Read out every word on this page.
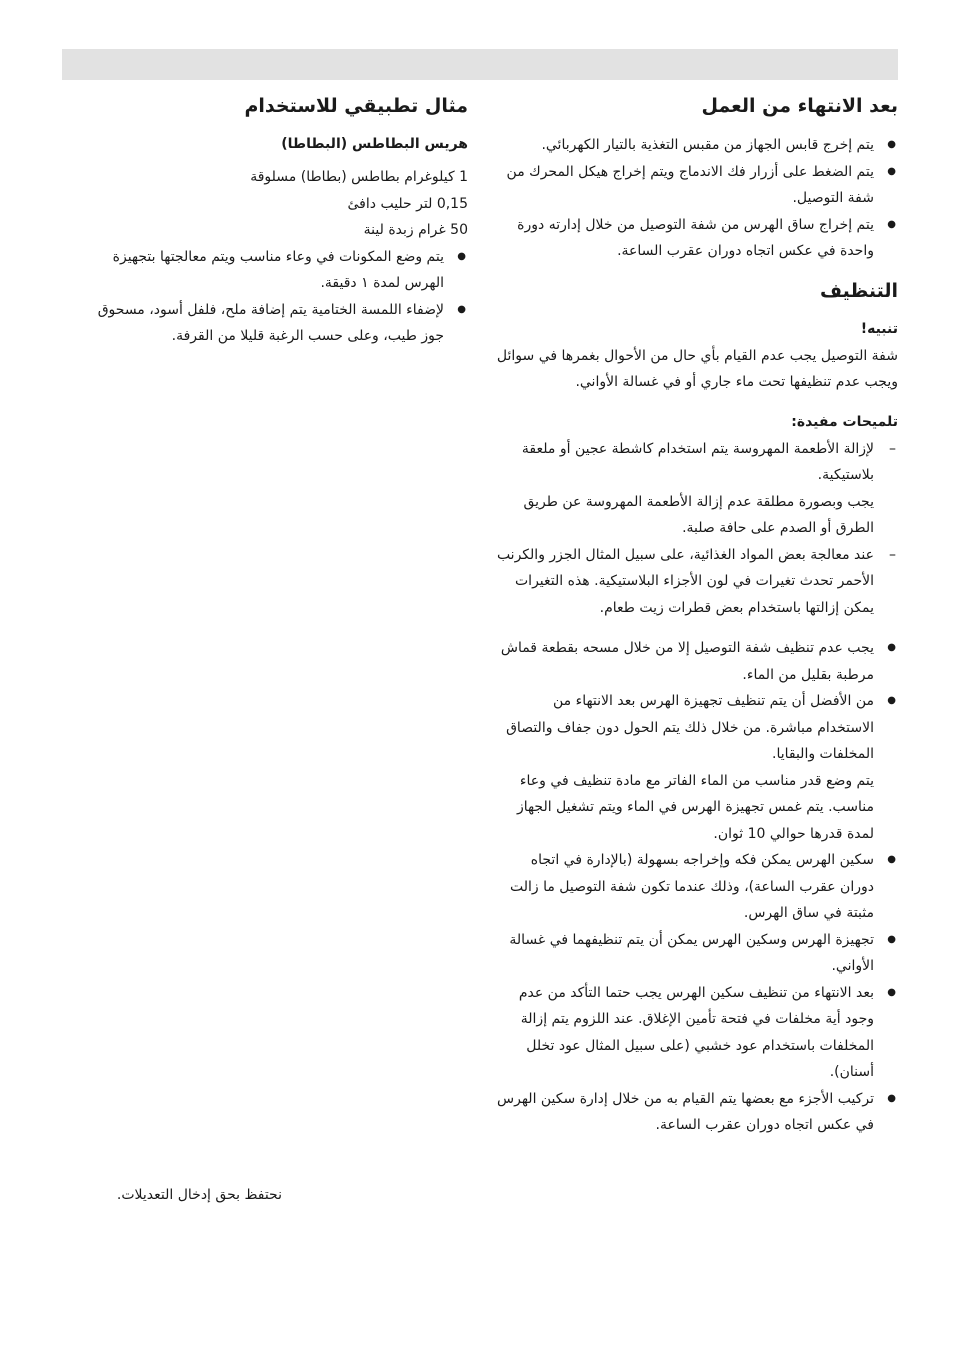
بعد الانتهاء من العمل
● يتم إخرج قابس الجهاز من مقبس التغذية بالتيار الكهربائي.
● يتم الضغط على أزرار فك الاندماج ويتم إخراج هيكل المحرك من شفة التوصيل.
● يتم إخراج ساق الهرس من شفة التوصيل من خلال إدارته دورة واحدة في عكس اتجاه دوران عقرب الساعة.
التنظيف
تنبيه!

شفة التوصيل يجب عدم القيام بأي حال من الأحوال بغمرها في سوائل ويجب عدم تنظيفها تحت ماء جاري أو في غسالة الأواني.

تلميحات مفيدة:
– لإزالة الأطعمة المهروسة يتم استخدام كاشطة عجين أو ملعقة بلاستيكية.
يجب وبصورة مطلقة عدم إزالة الأطعمة المهروسة عن طريق الطرق أو الصدم على حافة صلبة.
– عند معالجة بعض المواد الغذائية، على سبيل المثال الجزر والكرنب الأحمر تحدث تغيرات في لون الأجزاء البلاستيكية. هذه التغيرات يمكن إزالتها باستخدام بعض قطرات زيت طعام.
● يجب عدم تنظيف شفة التوصيل إلا من خلال مسحه بقطعة قماش مرطبة بقليل من الماء.
● من الأفضل أن يتم تنظيف تجهيزة الهرس بعد الانتهاء من الاستخدام مباشرة. من خلال ذلك يتم الحول دون جفاف والتصاق المخلفات والبقايا.
يتم وضع قدر مناسب من الماء الفاتر مع مادة تنظيف في وعاء مناسب. يتم غمس تجهيزة الهرس في الماء ويتم تشغيل الجهاز لمدة قدرها حوالي 10 ثوان.
● سكين الهرس يمكن فكه وإخراجه بسهولة (بالإدارة في اتجاه دوران عقرب الساعة)، وذلك عندما تكون شفة التوصيل ما زالت مثبتة في ساق الهرس.
● تجهيزة الهرس وسكين الهرس يمكن أن يتم تنظيفهما في غسالة الأواني.
● بعد الانتهاء من تنظيف سكين الهرس يجب حتما التأكد من عدم وجود أية مخلفات في فتحة تأمين الإغلاق. عند اللزوم يتم إزالة المخلفات باستخدام عود خشبي (على سبيل المثال عود تخلل أسنان).
● تركيب الأجزء مع بعضها يتم القيام به من خلال إدارة سكين الهرس في عكس اتجاه دوران عقرب الساعة.
مثال تطبيقي للاستخدام
هريس البطاطس (البطاطا)

1 كيلوغرام بطاطس (بطاطا) مسلوقة

0,15 لتر حليب دافئ

50 غرام زبدة لينة

● يتم وضع المكونات في وعاء مناسب ويتم معالجتها بتجهيزة الهرس لمدة ١ دقيقة.
● لإضفاء اللمسة الختامية يتم إضافة ملح، فلفل أسود، مسحوق جوز طيب، وعلى حسب الرغبة قليلا من القرفة.
نحتفظ بحق إدخال التعديلات.
